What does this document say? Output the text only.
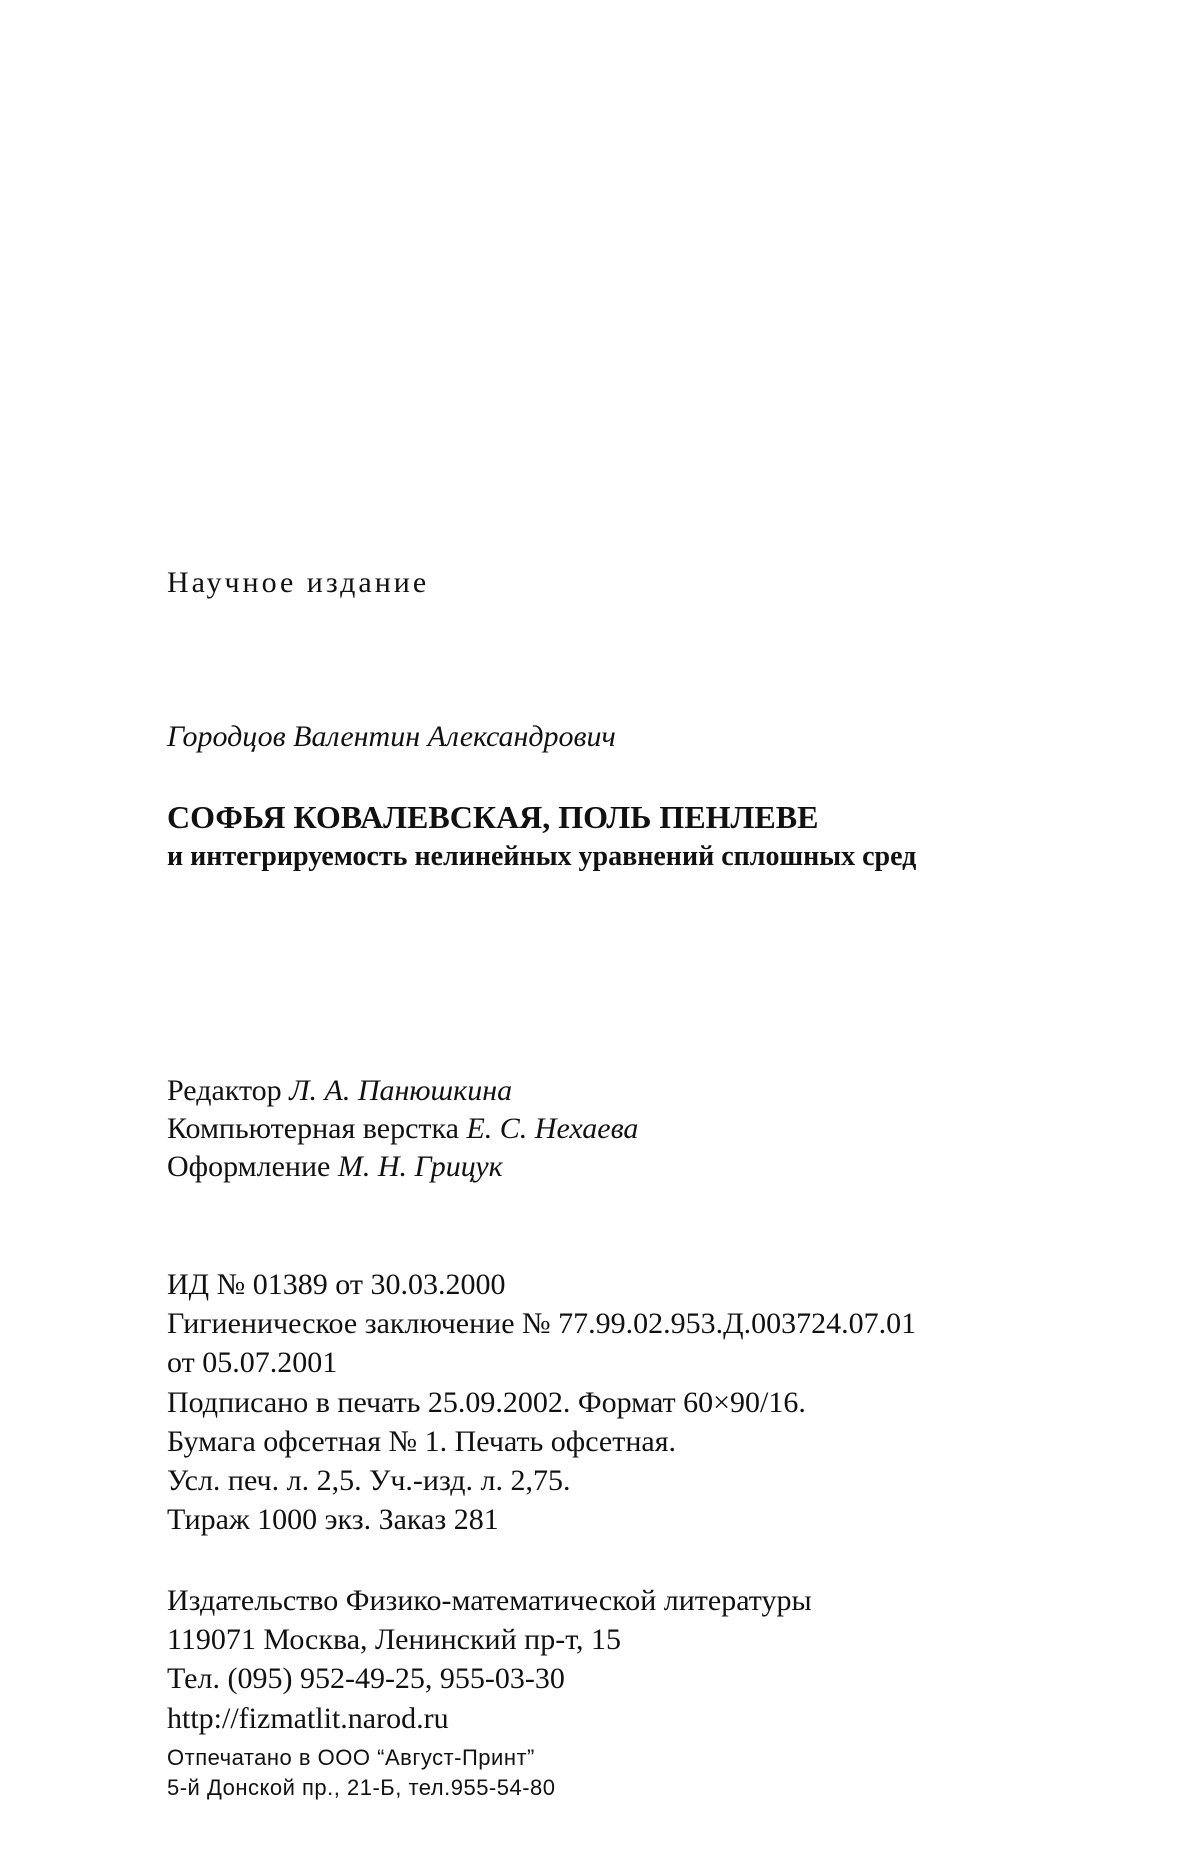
Научное издание
Городцов Валентин Александрович
СОФЬЯ КОВАЛЕВСКАЯ, ПОЛЬ ПЕНЛЕВЕ
и интегрируемость нелинейных уравнений сплошных сред
Редактор Л. А. Панюшкина
Компьютерная верстка Е. С. Нехаева
Оформление М. Н. Грицук
ИД № 01389 от 30.03.2000
Гигиеническое заключение № 77.99.02.953.Д.003724.07.01
от 05.07.2001
Подписано в печать 25.09.2002. Формат 60×90/16.
Бумага офсетная № 1. Печать офсетная.
Усл. печ. л. 2,5. Уч.-изд. л. 2,75.
Тираж 1000 экз. Заказ 281
Издательство Физико-математической литературы
119071 Москва, Ленинский пр-т, 15
Тел. (095) 952-49-25, 955-03-30
http://fizmatlit.narod.ru
Отпечатано в ООО “Август-Принт”
5-й Донской пр., 21-Б, тел.955-54-80
